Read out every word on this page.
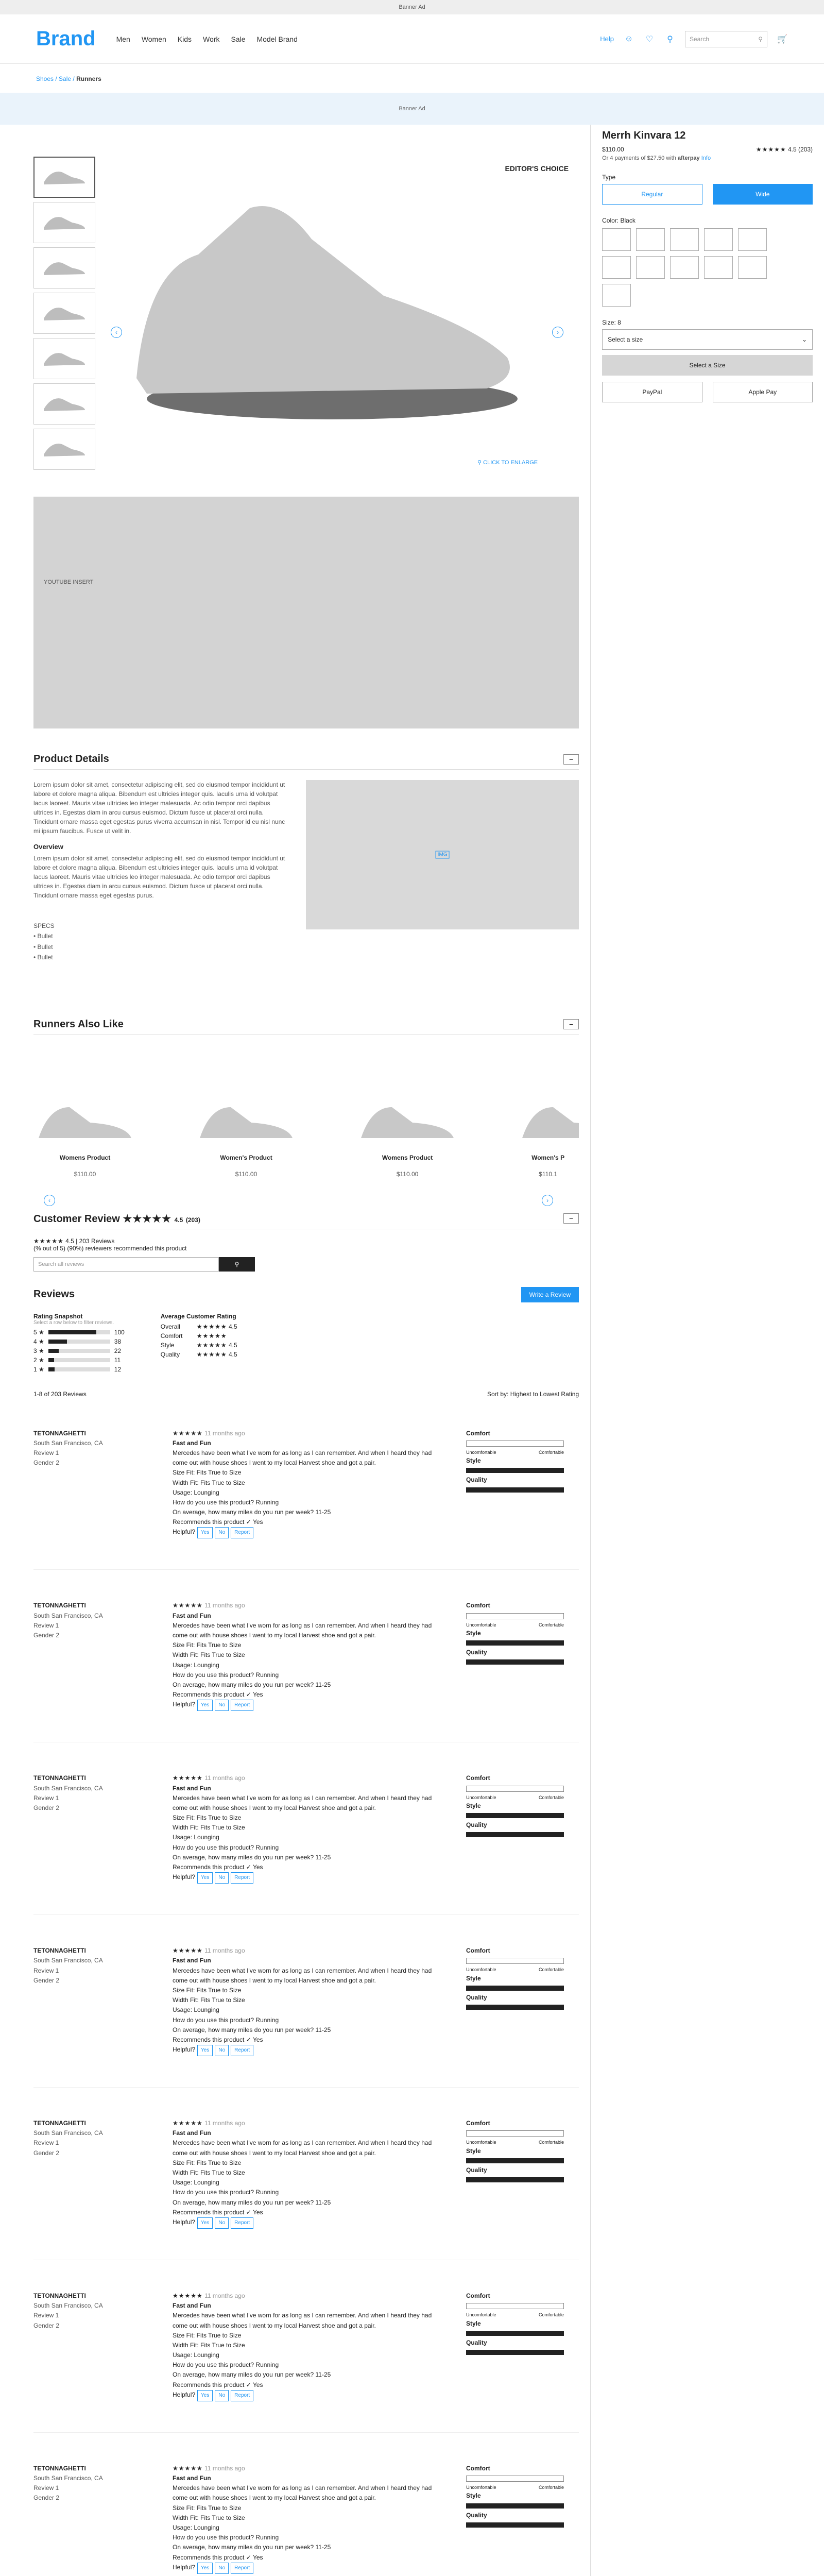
Banner Ad
Brand	Men Women Kids Work Sale Model Brand	Help ☺ ♡	⚲	Search	⚲ 🛒
Shoes / Sale / Runners
Banner Ad
EDITOR'S CHOICE
‹	›
⚲ CLICK TO ENLARGE
YOUTUBE INSERT
Product Details	−

Lorem ipsum dolor sit amet, consectetur adipiscing elit, sed do eiusmod tempor incididunt ut labore et dolore magna aliqua. Bibendum est ultricies integer quis. Iaculis urna id volutpat lacus laoreet. Mauris vitae ultricies leo integer malesuada. Ac odio tempor orci dapibus ultrices in. Egestas diam in arcu cursus euismod. Dictum fusce ut placerat orci nulla. Tincidunt ornare massa eget egestas purus viverra accumsan in nisl. Tempor id eu nisl nunc mi ipsum faucibus. Fusce ut velit in.

Overview

Lorem ipsum dolor sit amet, consectetur adipiscing elit, sed do eiusmod tempor incididunt ut labore et dolore magna aliqua. Bibendum est ultricies integer quis. Iaculis urna id volutpat lacus laoreet. Mauris vitae ultricies leo integer malesuada. Ac odio tempor orci dapibus ultrices in. Egestas diam in arcu cursus euismod. Dictum fusce ut placerat orci nulla. Tincidunt ornare massa eget egestas purus.

SPECS
• Bullet
• Bullet
• Bullet
IMG
Runners Also Like	−
Womens Product
$110.00
Women's Product
$110.00
Womens Product
$110.00
Women's P
$110.1
‹	›
Customer Review ★★★★★ 4.5 (203)	−
★★★★★ 4.5 | 203 Reviews
(% out of 5) (90%) reviewers recommended this product
Search all reviews	⚲
Reviews	Write a Review
Rating Snapshot
Select a row below to filter reviews.
5 ★	100
4 ★	38
3 ★	22
2 ★	11
1 ★	12
Average Customer Rating
Overall	★★★★★ 4.5
Comfort ★★★★★
Style	★★★★★ 4.5
Quality	★★★★★ 4.5
1-8 of 203 Reviews	Sort by: Highest to Lowest Rating
TETONNAGHETTI
South San Francisco, CA
Review 1
Gender 2
★★★★★ 11 months ago
Fast and Fun
Mercedes have been what I've worn for as long as I can remember. And when I heard they had come out with house shoes I went to my local Harvest shoe and got a pair.
Size Fit: Fits True to Size
Width Fit: Fits True to Size
Usage: Lounging
How do you use this product? Running
On average, how many miles do you run per week? 11-25
Recommends this product ✓ Yes
Helpful? Yes No Report
Comfort
Uncomfortable	Comfortable
Style
Quality
TETONNAGHETTI
South San Francisco, CA
Review 1
Gender 2
★★★★★ 11 months ago
Fast and Fun
Mercedes have been what I've worn for as long as I can remember. And when I heard they had come out with house shoes I went to my local Harvest shoe and got a pair.
Size Fit: Fits True to Size
Width Fit: Fits True to Size
Usage: Lounging
How do you use this product? Running
On average, how many miles do you run per week? 11-25
Recommends this product ✓ Yes
Helpful? Yes No Report
Comfort
Uncomfortable	Comfortable
Style
Quality
TETONNAGHETTI
South San Francisco, CA
Review 1
Gender 2
★★★★★ 11 months ago
Fast and Fun
Mercedes have been what I've worn for as long as I can remember. And when I heard they had come out with house shoes I went to my local Harvest shoe and got a pair.
Size Fit: Fits True to Size
Width Fit: Fits True to Size
Usage: Lounging
How do you use this product? Running
On average, how many miles do you run per week? 11-25
Recommends this product ✓ Yes
Helpful? Yes No Report
Comfort
Uncomfortable	Comfortable
Style
Quality
TETONNAGHETTI
South San Francisco, CA
Review 1
Gender 2
★★★★★ 11 months ago
Fast and Fun
Mercedes have been what I've worn for as long as I can remember. And when I heard they had come out with house shoes I went to my local Harvest shoe and got a pair.
Size Fit: Fits True to Size
Width Fit: Fits True to Size
Usage: Lounging
How do you use this product? Running
On average, how many miles do you run per week? 11-25
Recommends this product ✓ Yes
Helpful? Yes No Report
Comfort
Uncomfortable	Comfortable
Style
Quality
TETONNAGHETTI
South San Francisco, CA
Review 1
Gender 2
★★★★★ 11 months ago
Fast and Fun
Mercedes have been what I've worn for as long as I can remember. And when I heard they had come out with house shoes I went to my local Harvest shoe and got a pair.
Size Fit: Fits True to Size
Width Fit: Fits True to Size
Usage: Lounging
How do you use this product? Running
On average, how many miles do you run per week? 11-25
Recommends this product ✓ Yes
Helpful? Yes No Report
Comfort
Uncomfortable	Comfortable
Style
Quality
TETONNAGHETTI
South San Francisco, CA
Review 1
Gender 2
★★★★★ 11 months ago
Fast and Fun
Mercedes have been what I've worn for as long as I can remember. And when I heard they had come out with house shoes I went to my local Harvest shoe and got a pair.
Size Fit: Fits True to Size
Width Fit: Fits True to Size
Usage: Lounging
How do you use this product? Running
On average, how many miles do you run per week? 11-25
Recommends this product ✓ Yes
Helpful? Yes No Report
Comfort
Uncomfortable	Comfortable
Style
Quality
TETONNAGHETTI
South San Francisco, CA
Review 1
Gender 2
★★★★★ 11 months ago
Fast and Fun
Mercedes have been what I've worn for as long as I can remember. And when I heard they had come out with house shoes I went to my local Harvest shoe and got a pair.
Size Fit: Fits True to Size
Width Fit: Fits True to Size
Usage: Lounging
How do you use this product? Running
On average, how many miles do you run per week? 11-25
Recommends this product ✓ Yes
Helpful? Yes No Report
Comfort
Uncomfortable	Comfortable
Style
Quality

Merrh Kinvara 12
$110.00	★★★★★ 4.5 (203)
Or 4 payments of $27.50 with afterpay Info
Type
Regular	Wide
Color: Black
Size: 8
Select a size	⌄
Select a Size
PayPal	Apple Pay
